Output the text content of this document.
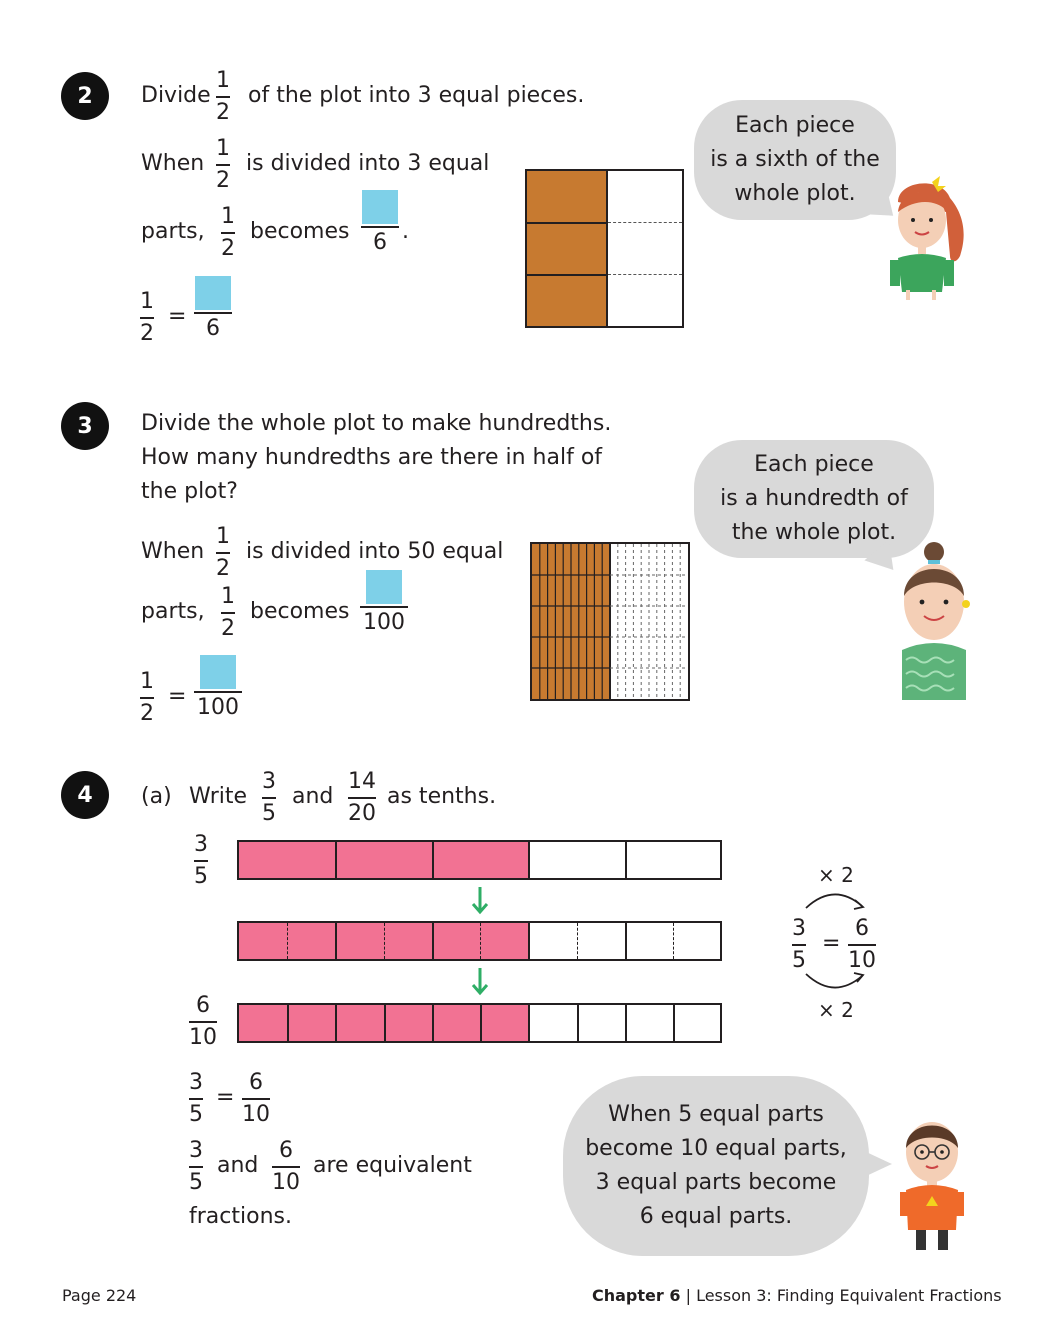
2	Divide
1
2
of the plot into 3 equal pieces.
When
1
2
is divided into 3 equal
parts,
1
2
becomes 6 .
1
2
= 6
Each piece
is a sixth of the
whole plot.
3	Divide the whole plot to make hundredths.
How many hundredths are there in half of
the plot?
When
1
2
is divided into 50 equal
parts,
1
2
becomes 100
1
2
= 100
Each piece
is a hundredth of
the whole plot.
4	(a) Write
3
5
and
14
20
as tenths.
3
5
6
10
× 2
3
5
=
6
10
× 2
3
5
=
6
10
3
5
and
6
10
are equivalent
fractions.
When 5 equal parts
become 10 equal parts,
3 equal parts become
6 equal parts.
Page 224	Chapter 6 | Lesson 3: Finding Equivalent Fractions
